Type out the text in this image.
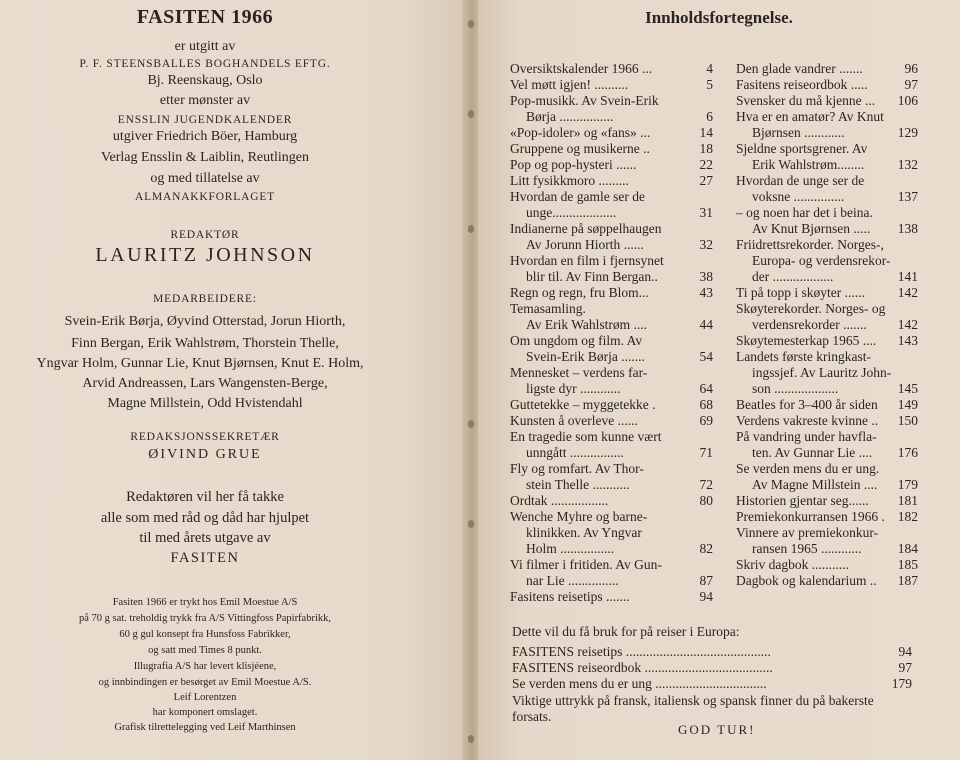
FASITEN 1966
er utgitt av
P. F. STEENSBALLES BOGHANDELS EFTG.
Bj. Reenskaug, Oslo
etter mønster av
ENSSLIN JUGENDKALENDER
utgiver Friedrich Böer, Hamburg
Verlag Ensslin & Laiblin, Reutlingen
og med tillatelse av
ALMANAKKFORLAGET
REDAKTØR
LAURITZ JOHNSON
MEDARBEIDERE:
Svein-Erik Børja, Øyvind Otterstad, Jorun Hiorth,
Finn Bergan, Erik Wahlstrøm, Thorstein Thelle,
Yngvar Holm, Gunnar Lie, Knut Bjørnsen, Knut E. Holm,
Arvid Andreassen, Lars Wangensten-Berge,
Magne Millstein, Odd Hvistendahl
REDAKSJONSSEKRETÆR
ØIVIND GRUE
Redaktøren vil her få takke
alle som med råd og dåd har hjulpet
til med årets utgave av
FASITEN
Fasiten 1966 er trykt hos Emil Moestue A/S
på 70 g sat. treholdig trykk fra A/S Vittingfoss Papirfabrikk,
60 g gul konsept fra Hunsfoss Fabrikker,
og satt med Times 8 punkt.
Illugrafia A/S har levert klisjéene,
og innbindingen er besørget av Emil Moestue A/S.
Leif Lorentzen
har komponert omslaget.
Grafisk tilrettelegging ved Leif Marthinsen
Innholdsfortegnelse.
Oversiktskalender 1966 ...	4
Vel møtt igjen! ..........	5
Pop-musikk. Av Svein-Erik
Børja ................	6
«Pop-idoler» og «fans» ...	14
Gruppene og musikerne ..	18
Pop og pop-hysteri ......	22
Litt fysikkmoro .........	27
Hvordan de gamle ser de
unge...................	31
Indianerne på søppelhaugen
Av Jorunn Hiorth ......	32
Hvordan en film i fjernsynet
blir til. Av Finn Bergan..	38
Regn og regn, fru Blom...	43
Temasamling.
Av Erik Wahlstrøm ....	44
Om ungdom og film. Av
Svein-Erik Børja .......	54
Mennesket – verdens far-
ligste dyr ............	64
Guttetekke – myggetekke .	68
Kunsten å overleve ......	69
En tragedie som kunne vært
unngått ................	71
Fly og romfart. Av Thor-
stein Thelle ...........	72
Ordtak .................	80
Wenche Myhre og barne-
klinikken. Av Yngvar
Holm ................	82
Vi filmer i fritiden. Av Gun-
nar Lie ...............	87
Fasitens reisetips .......	94
Den glade vandrer .......	96
Fasitens reiseordbok .....	97
Svensker du må kjenne ... 106
Hva er en amatør? Av Knut
Bjørnsen ............	129
Sjeldne sportsgrener. Av
Erik Wahlstrøm........ 132
Hvordan de unge ser de
voksne ...............	137
– og noen har det i beina.
Av Knut Bjørnsen ..... 138
Friidrettsrekorder. Norges-,
Europa- og verdensrekor-
der ..................	141
Ti på topp i skøyter ...... 142
Skøyterekorder. Norges- og
verdensrekorder ....... 142
Skøytemesterkap 1965 .... 143
Landets første kringkast-
ingssjef. Av Lauritz John-
son ...................	145
Beatles for 3–400 år siden 149
Verdens vakreste kvinne .. 150
På vandring under havfla-
ten. Av Gunnar Lie .... 176
Se verden mens du er ung.
Av Magne Millstein .... 179
Historien gjentar seg...... 181
Premiekonkurransen 1966 . 182
Vinnere av premiekonkur-
ransen 1965 ............	184
Skriv dagbok ...........	185
Dagbok og kalendarium .. 187
Dette vil du få bruk for på reiser i Europa:
FASITENS reisetips ...........................................	94
FASITENS reiseordbok ......................................	97
Se verden mens du er ung .................................	179
Viktige uttrykk på fransk, italiensk og spansk finner du på bakerste
forsats.
GOD TUR!
